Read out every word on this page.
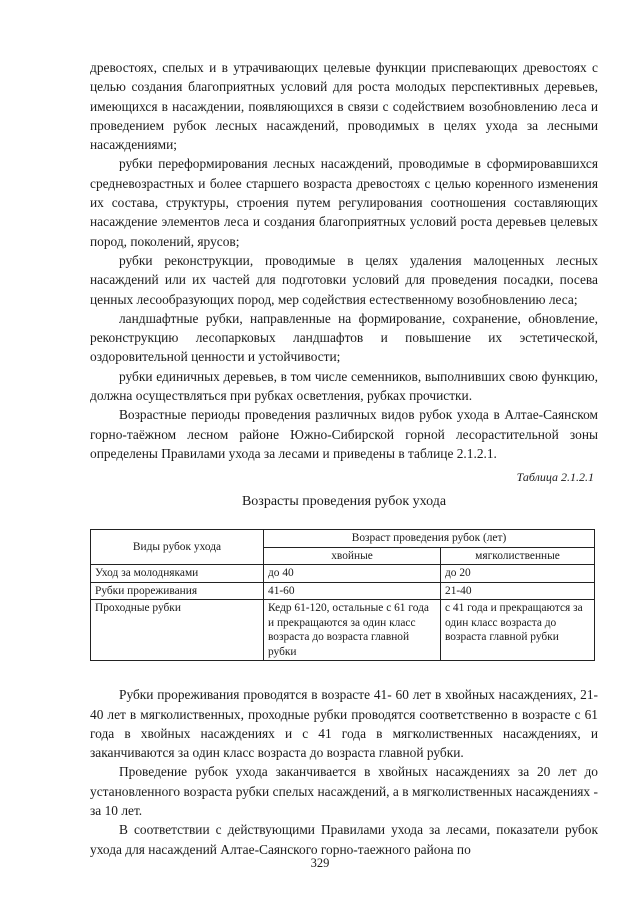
древостоях, спелых и в утрачивающих целевые функции приспевающих древостоях с целью создания благоприятных условий для роста молодых перспективных деревьев, имеющихся в насаждении, появляющихся в связи с содействием возобновлению леса и проведением рубок лесных насаждений, проводимых в целях ухода за лесными насаждениями;

рубки переформирования лесных насаждений, проводимые в сформировавшихся средневозрастных и более старшего возраста древостоях с целью коренного изменения их состава, структуры, строения путем регулирования соотношения составляющих насаждение элементов леса и создания благоприятных условий роста деревьев целевых пород, поколений, ярусов;

рубки реконструкции, проводимые в целях удаления малоценных лесных насаждений или их частей для подготовки условий для проведения посадки, посева ценных лесообразующих пород, мер содействия естественному возобновлению леса;

ландшафтные рубки, направленные на формирование, сохранение, обновление, реконструкцию лесопарковых ландшафтов и повышение их эстетической, оздоровительной ценности и устойчивости;

рубки единичных деревьев, в том числе семенников, выполнивших свою функцию, должна осуществляться при рубках осветления, рубках прочистки.

Возрастные периоды проведения различных видов рубок ухода в Алтае-Саянском горно-таёжном лесном районе Южно-Сибирской горной лесорастительной зоны определены Правилами ухода за лесами и приведены в таблице 2.1.2.1.

Таблица 2.1.2.1
Возрасты проведения рубок ухода
Виды рубок ухода	Возраст проведения рубок (лет)	
	хвойные	мягколиственные
Уход за молодняками	до 40	до 20
Рубки прореживания	41-60	21-40
Проходные рубки	Кедр 61-120, остальные с 61 года и прекращаются за один класс возраста до возраста главной рубки	с 41 года и прекращаются за один класс возраста до возраста главной рубки

Рубки прореживания проводятся в возрасте 41- 60 лет в хвойных насаждениях, 21- 40 лет в мягколиственных, проходные рубки проводятся соответственно в возрасте с 61 года в хвойных насаждениях и с 41 года в мягколиственных насаждениях, и заканчиваются за один класс возраста до возраста главной рубки.

Проведение рубок ухода заканчивается в хвойных насаждениях за 20 лет до установленного возраста рубки спелых насаждений, а в мягколиственных насаждениях - за 10 лет.

В соответствии с действующими Правилами ухода за лесами, показатели рубок ухода для насаждений Алтае-Саянского горно-таежного района по

329
